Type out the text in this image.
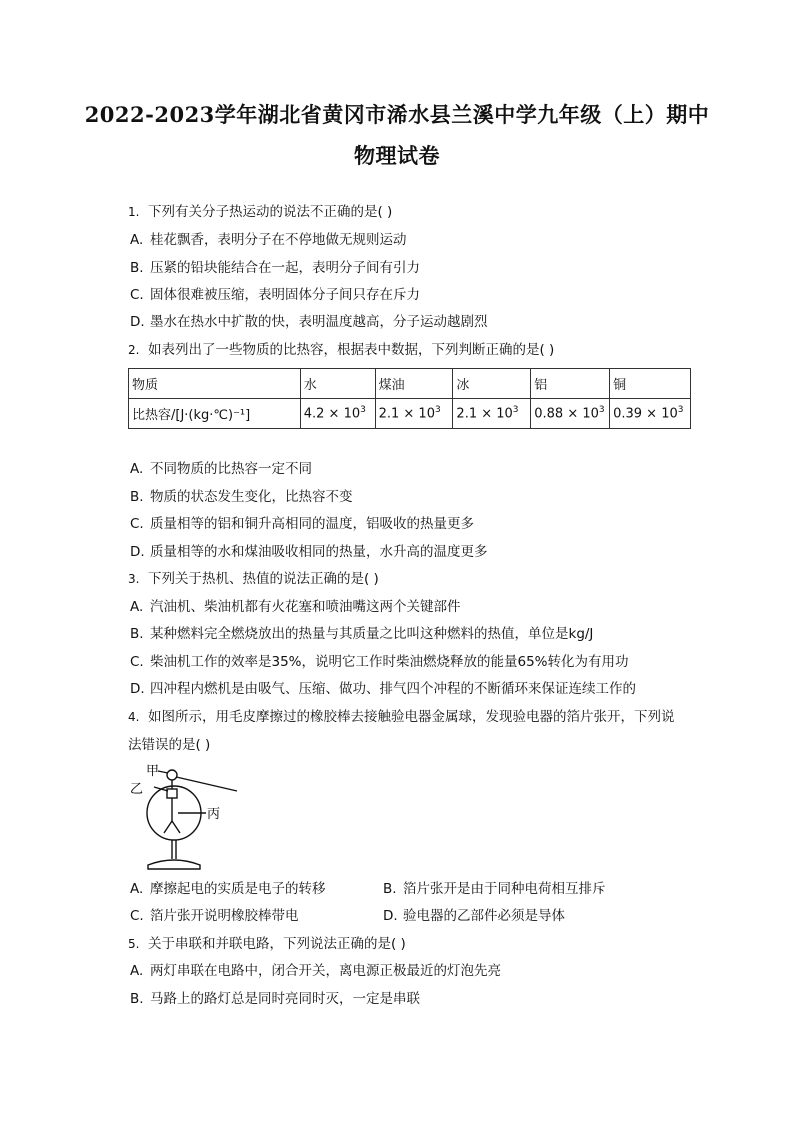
2022-2023学年湖北省黄冈市浠水县兰溪中学九年级（上）期中
物理试卷
1. 下列有关分子热运动的说法不正确的是( )
A. 桂花飘香，表明分子在不停地做无规则运动
B. 压紧的铅块能结合在一起，表明分子间有引力
C. 固体很难被压缩，表明固体分子间只存在斥力
D. 墨水在热水中扩散的快，表明温度越高，分子运动越剧烈
2. 如表列出了一些物质的比热容，根据表中数据，下列判断正确的是( )
物质	水	煤油	冰	铝	铜
比热容/[J·(kg·℃)⁻¹]	$4.2 \times 10^3$	$2.1 \times 10^3$	$2.1 \times 10^3$	$0.88 \times 10^3$	$0.39 \times 10^3$
A. 不同物质的比热容一定不同
B. 物质的状态发生变化，比热容不变
C. 质量相等的铝和铜升高相同的温度，铝吸收的热量更多
D. 质量相等的水和煤油吸收相同的热量，水升高的温度更多
3. 下列关于热机、热值的说法正确的是( )
A. 汽油机、柴油机都有火花塞和喷油嘴这两个关键部件
B. 某种燃料完全燃烧放出的热量与其质量之比叫这种燃料的热值，单位是kg/J
C. 柴油机工作的效率是35%，说明它工作时柴油燃烧释放的能量65%转化为有用功
D. 四冲程内燃机是由吸气、压缩、做功、排气四个冲程的不断循环来保证连续工作的
4. 如图所示，用毛皮摩擦过的橡胶棒去接触验电器金属球，发现验电器的箔片张开，下列说
法错误的是( )
甲
乙
丙
A. 摩擦起电的实质是电子的转移	B. 箔片张开是由于同种电荷相互排斥
C. 箔片张开说明橡胶棒带电	D. 验电器的乙部件必须是导体
5. 关于串联和并联电路，下列说法正确的是( )
A. 两灯串联在电路中，闭合开关，离电源正极最近的灯泡先亮
B. 马路上的路灯总是同时亮同时灭，一定是串联
